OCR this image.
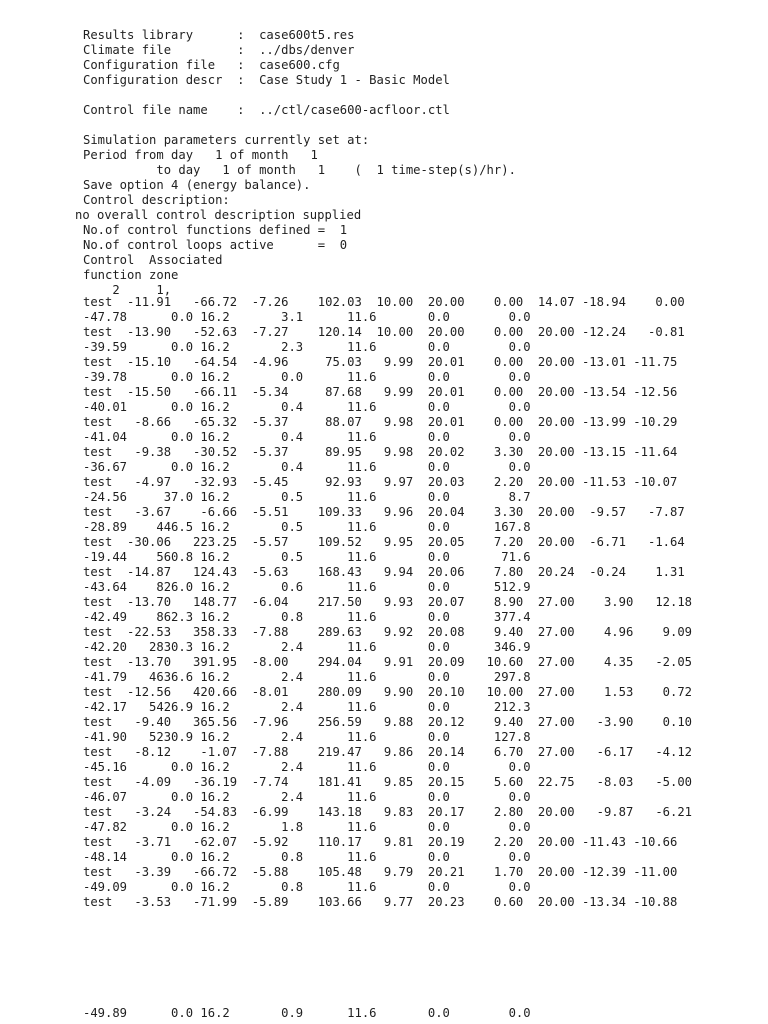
Results library      :  case600t5.res
Climate file         :  ../dbs/denver
Configuration file   :  case600.cfg
Configuration descr  :  Case Study 1 - Basic Model
Control file name    :  ../ctl/case600-acfloor.ctl
Simulation parameters currently set at:
Period from day   1 of month   1
to day   1 of month   1    (  1 time-step(s)/hr).
Save option 4 (energy balance).
Control description:
no overall control description supplied
No.of control functions defined =  1
No.of control loops active      =  0
Control  Associated
function zone
2     1,
test  -11.91   -66.72  -7.26    102.03  10.00  20.00    0.00  14.07 -18.94    0.00
-47.78      0.0 16.2       3.1      11.6       0.0        0.0
test  -13.90   -52.63  -7.27    120.14  10.00  20.00    0.00  20.00 -12.24   -0.81
-39.59      0.0 16.2       2.3      11.6       0.0        0.0
test  -15.10   -64.54  -4.96     75.03   9.99  20.01    0.00  20.00 -13.01 -11.75
-39.78      0.0 16.2       0.0      11.6       0.0        0.0
test  -15.50   -66.11  -5.34     87.68   9.99  20.01    0.00  20.00 -13.54 -12.56
-40.01      0.0 16.2       0.4      11.6       0.0        0.0
test   -8.66   -65.32  -5.37     88.07   9.98  20.01    0.00  20.00 -13.99 -10.29
-41.04      0.0 16.2       0.4      11.6       0.0        0.0
test   -9.38   -30.52  -5.37     89.95   9.98  20.02    3.30  20.00 -13.15 -11.64
-36.67      0.0 16.2       0.4      11.6       0.0        0.0
test   -4.97   -32.93  -5.45     92.93   9.97  20.03    2.20  20.00 -11.53 -10.07
-24.56     37.0 16.2       0.5      11.6       0.0        8.7
test   -3.67    -6.66  -5.51    109.33   9.96  20.04    3.30  20.00  -9.57   -7.87
-28.89    446.5 16.2       0.5      11.6       0.0      167.8
test  -30.06   223.25  -5.57    109.52   9.95  20.05    7.20  20.00  -6.71   -1.64
-19.44    560.8 16.2       0.5      11.6       0.0       71.6
test  -14.87   124.43  -5.63    168.43   9.94  20.06    7.80  20.24  -0.24    1.31
-43.64    826.0 16.2       0.6      11.6       0.0      512.9
test  -13.70   148.77  -6.04    217.50   9.93  20.07    8.90  27.00    3.90   12.18
-42.49    862.3 16.2       0.8      11.6       0.0      377.4
test  -22.53   358.33  -7.88    289.63   9.92  20.08    9.40  27.00    4.96    9.09
-42.20   2830.3 16.2       2.4      11.6       0.0      346.9
test  -13.70   391.95  -8.00    294.04   9.91  20.09   10.60  27.00    4.35   -2.05
-41.79   4636.6 16.2       2.4      11.6       0.0      297.8
test  -12.56   420.66  -8.01    280.09   9.90  20.10   10.00  27.00    1.53    0.72
-42.17   5426.9 16.2       2.4      11.6       0.0      212.3
test   -9.40   365.56  -7.96    256.59   9.88  20.12    9.40  27.00   -3.90    0.10
-41.90   5230.9 16.2       2.4      11.6       0.0      127.8
test   -8.12    -1.07  -7.88    219.47   9.86  20.14    6.70  27.00   -6.17   -4.12
-45.16      0.0 16.2       2.4      11.6       0.0        0.0
test   -4.09   -36.19  -7.74    181.41   9.85  20.15    5.60  22.75   -8.03   -5.00
-46.07      0.0 16.2       2.4      11.6       0.0        0.0
test   -3.24   -54.83  -6.99    143.18   9.83  20.17    2.80  20.00   -9.87   -6.21
-47.82      0.0 16.2       1.8      11.6       0.0        0.0
test   -3.71   -62.07  -5.92    110.17   9.81  20.19    2.20  20.00 -11.43 -10.66
-48.14      0.0 16.2       0.8      11.6       0.0        0.0
test   -3.39   -66.72  -5.88    105.48   9.79  20.21    1.70  20.00 -12.39 -11.00
-49.09      0.0 16.2       0.8      11.6       0.0        0.0
test   -3.53   -71.99  -5.89    103.66   9.77  20.23    0.60  20.00 -13.34 -10.88
-49.89      0.0 16.2       0.9      11.6       0.0        0.0
